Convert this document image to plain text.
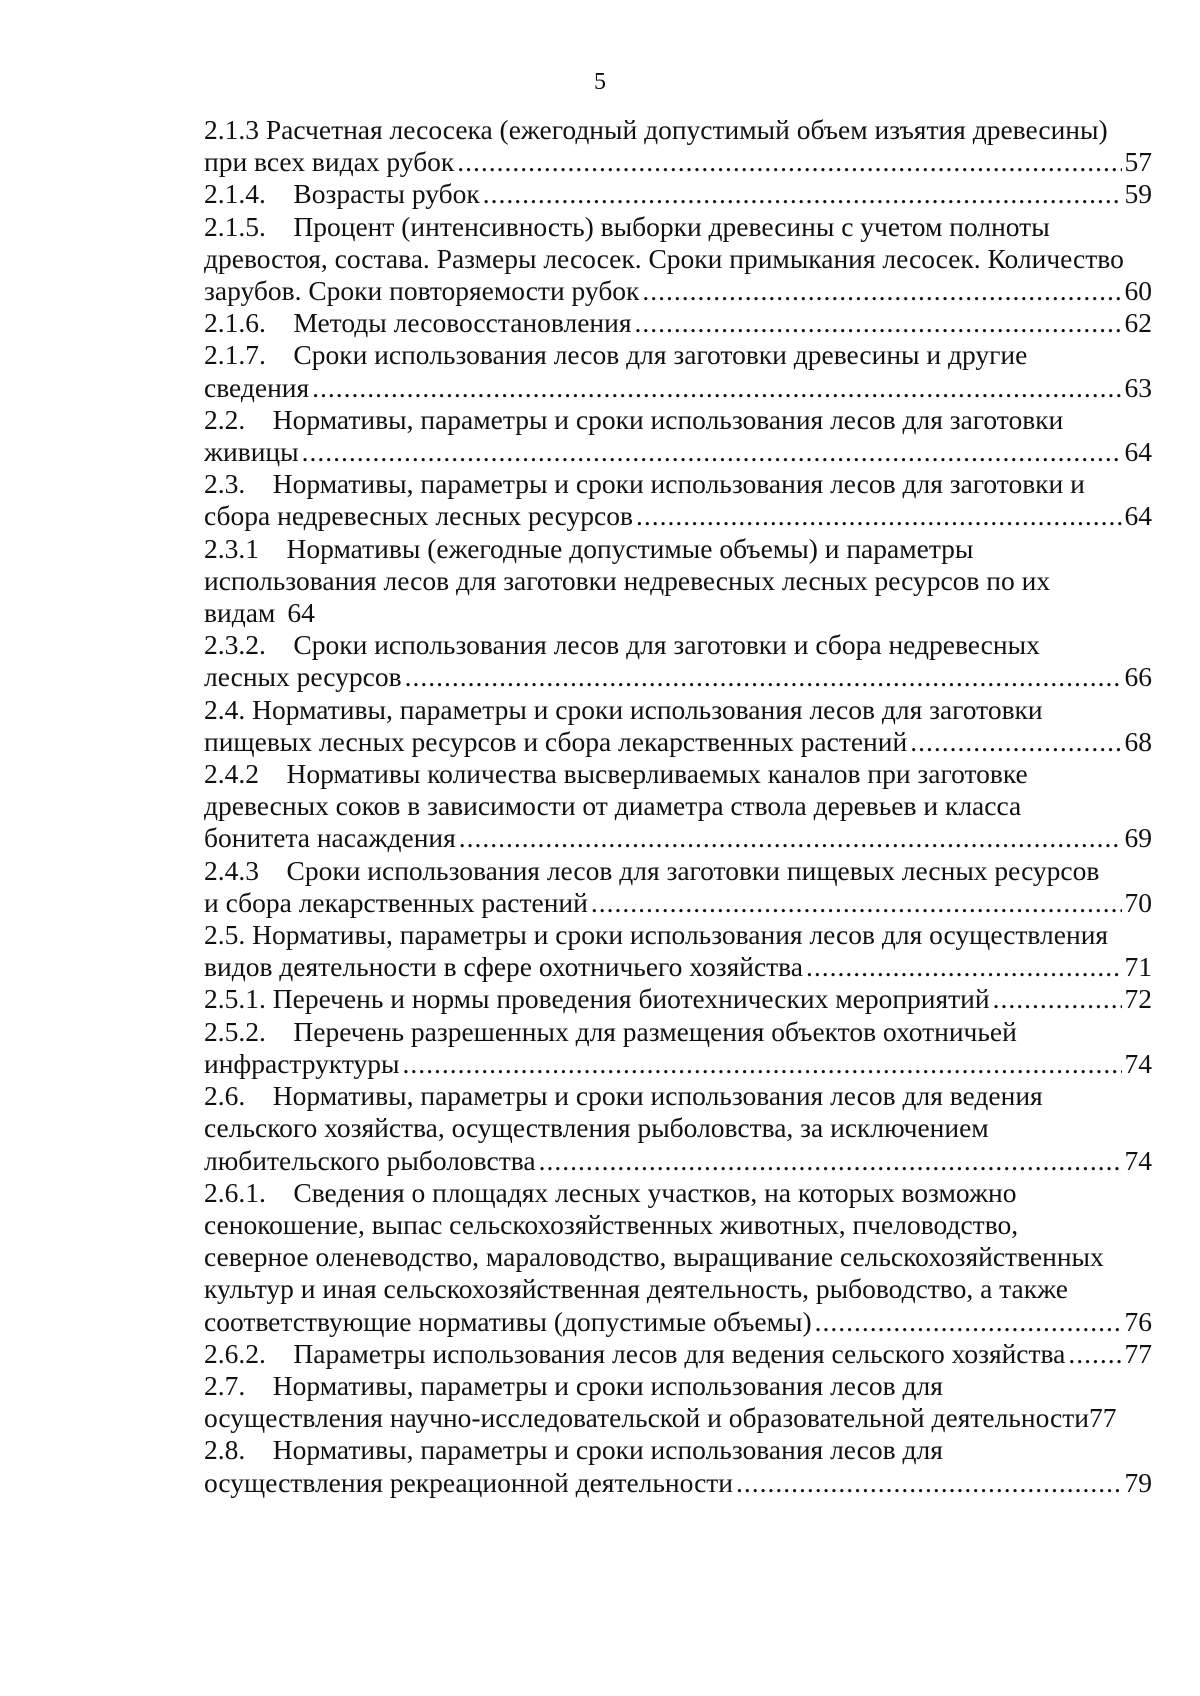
5
2.1.3 Расчетная лесосека (ежегодный допустимый объем изъятия древесины)
при всех видах рубок .....	57
2.1.4. Возрасты рубок .....	59
2.1.5. Процент (интенсивность) выборки древесины с учетом полноты
древостоя, состава. Размеры лесосек. Сроки примыкания лесосек. Количество
зарубов. Сроки повторяемости рубок .....	60
2.1.6. Методы лесовосстановления .....	62
2.1.7. Сроки использования лесов для заготовки древесины и другие
сведения .....	63
2.2. Нормативы, параметры и сроки использования лесов для заготовки
живицы .....	64
2.3. Нормативы, параметры и сроки использования лесов для заготовки и
сбора недревесных лесных ресурсов .....	64
2.3.1 Нормативы (ежегодные допустимые объемы) и параметры
использования лесов для заготовки недревесных лесных ресурсов по их
видам 64
2.3.2. Сроки использования лесов для заготовки и сбора недревесных
лесных ресурсов .....	66
2.4. Нормативы, параметры и сроки использования лесов для заготовки
пищевых лесных ресурсов и сбора лекарственных растений .....	68
2.4.2 Нормативы количества высверливаемых каналов при заготовке
древесных соков в зависимости от диаметра ствола деревьев и класса
бонитета насаждения .....	69
2.4.3 Сроки использования лесов для заготовки пищевых лесных ресурсов
и сбора лекарственных растений .....	70
2.5. Нормативы, параметры и сроки использования лесов для осуществления
видов деятельности в сфере охотничьего хозяйства .....	71
2.5.1. Перечень и нормы проведения биотехнических мероприятий .....	72
2.5.2. Перечень разрешенных для размещения объектов охотничьей
инфраструктуры .....	74
2.6. Нормативы, параметры и сроки использования лесов для ведения
сельского хозяйства, осуществления рыболовства, за исключением
любительского рыболовства .....	74
2.6.1. Сведения о площадях лесных участков, на которых возможно
сенокошение, выпас сельскохозяйственных животных, пчеловодство,
северное оленеводство, мараловодство, выращивание сельскохозяйственных
культур и иная сельскохозяйственная деятельность, рыбоводство, а также
соответствующие нормативы (допустимые объемы) .....	76
2.6.2. Параметры использования лесов для ведения сельского хозяйства ..... 77
2.7. Нормативы, параметры и сроки использования лесов для
осуществления научно-исследовательской и образовательной деятельности 77
2.8. Нормативы, параметры и сроки использования лесов для
осуществления рекреационной деятельности .....	79
